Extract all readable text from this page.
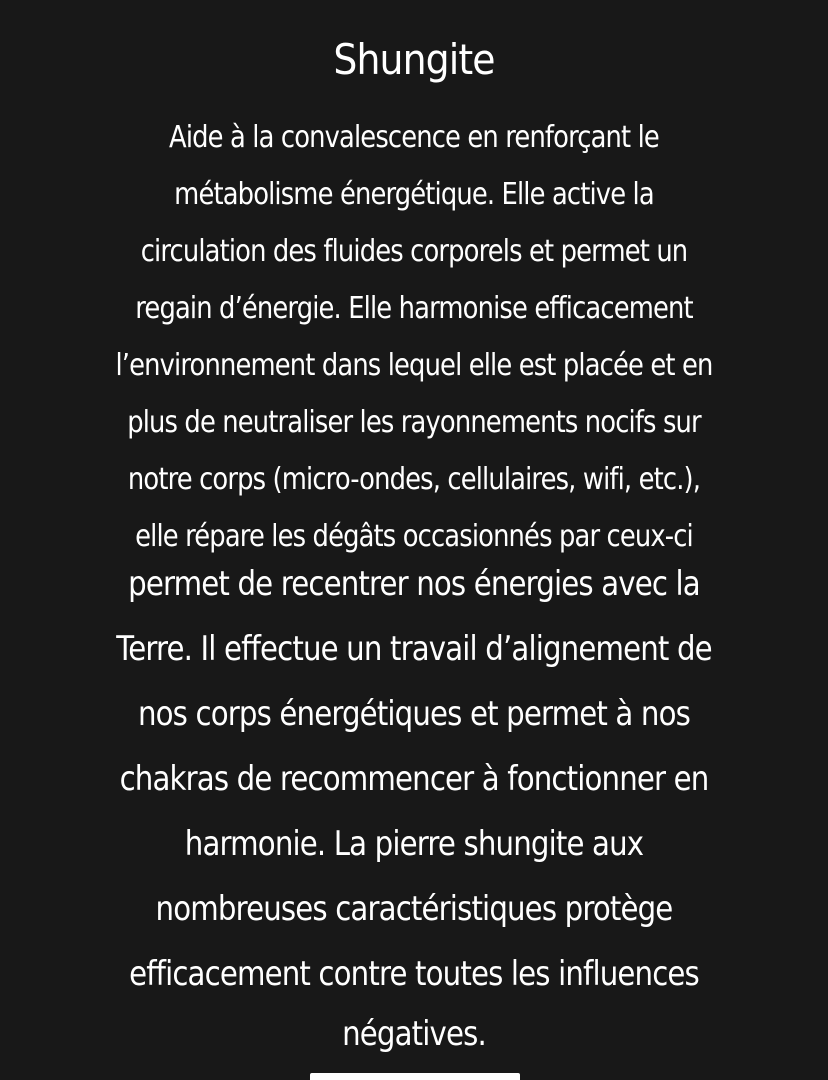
Shungite
Aide à la convalescence en renforçant le
métabolisme énergétique. Elle active la
circulation des fluides corporels et permet un
regain d’énergie. Elle harmonise efficacement
l’environnement dans lequel elle est placée et en
plus de neutraliser les rayonnements nocifs sur
notre corps (micro-ondes, cellulaires, wifi, etc.),
elle répare les dégâts occasionnés par ceux-ci
permet de recentrer nos énergies avec la
Terre. Il effectue un travail d’alignement de
nos corps énergétiques et permet à nos
chakras de recommencer à fonctionner en
harmonie. La pierre shungite aux
nombreuses caractéristiques protège
efficacement contre toutes les influences
négatives.
